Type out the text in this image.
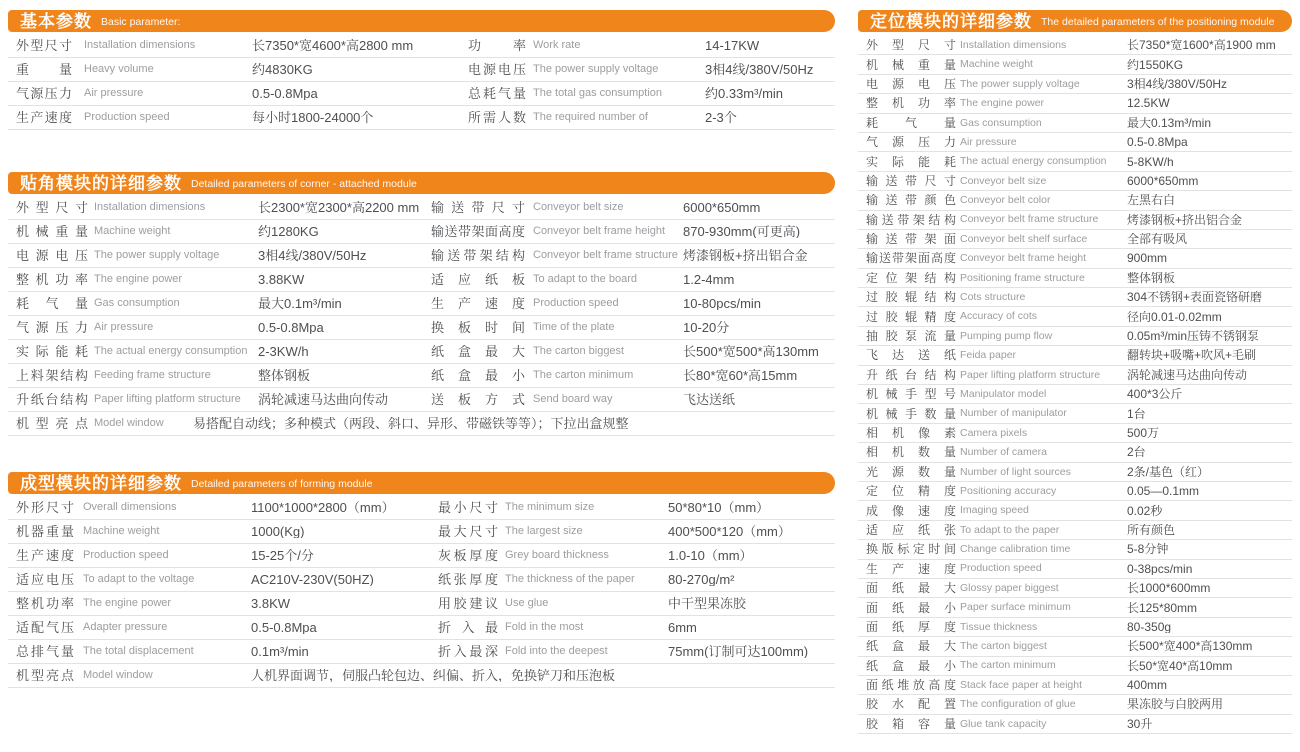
基本参数 Basic parameter:
外型尺寸 Installation dimensions	长7350*宽4600*高2800 mm
重量 Heavy volume	约4830KG
气源压力 Air pressure	0.5-0.8Mpa
生产速度 Production speed	每小时1800-24000个
功率 Work rate	14-17KW
电源电压 The power supply voltage	3相4线/380V/50Hz
总耗气量 The total gas consumption	约0.33m³/min
所需人数 The required number of	2-3个
贴角模块的详细参数 Detailed parameters of corner - attached module
外型尺寸 Installation dimensions	长2300*宽2300*高2200 mm
机械重量 Machine weight	约1280KG
电源电压 The power supply voltage	3相4线/380V/50Hz
整机功率 The engine power	3.88KW
耗气量 Gas consumption	最大0.1m³/min
气源压力 Air pressure	0.5-0.8Mpa
实际能耗 The actual energy consumption 2-3KW/h
上料架结构 Feeding frame structure	整体钢板
升纸台结构 Paper lifting platform structure	涡轮减速马达曲向传动
输送带尺寸 Conveyor belt size	6000*650mm
输送带架面高度 Conveyor belt frame height	870-930mm(可更高)
输送带架结构 Conveyor belt frame structure 烤漆钢板+挤出铝合金
适应纸板 To adapt to the board	1.2-4mm
生产速度 Production speed	10-80pcs/min
换板时间 Time of the plate	10-20分
纸盒最大 The carton biggest	长500*宽500*高130mm
纸盒最小 The carton minimum	长80*宽60*高15mm
送板方式 Send board way	飞达送纸
机型亮点 Model window	易搭配自动线；多种模式（两段、斜口、异形、带磁铁等等）；下拉出盒规整
成型模块的详细参数 Detailed parameters of forming module
外形尺寸 Overall dimensions	1100*1000*2800（mm）
机器重量 Machine weight	1000(Kg)
生产速度 Production speed	15-25个/分
适应电压 To adapt to the voltage	AC210V-230V(50HZ)
整机功率 The engine power	3.8KW
适配气压 Adapter pressure	0.5-0.8Mpa
总排气量 The total displacement	0.1m³/min
最小尺寸 The minimum size	50*80*10（mm）
最大尺寸 The largest size	400*500*120（mm）
灰板厚度 Grey board thickness	1.0-10（mm）
纸张厚度 The thickness of the paper	80-270g/m²
用胶建议 Use glue	中干型果冻胶
折入最 Fold in the most	6mm
折入最深 Fold into the deepest	75mm(订制可达100mm)
机型亮点 Model window	人机界面调节，伺服凸轮包边、纠偏、折入，免换铲刀和压泡板
定位模块的详细参数 The detailed parameters of the positioning module
外型尺寸 Installation dimensions	长7350*宽1600*高1900 mm
机械重量 Machine weight	约1550KG
电源电压 The power supply voltage	3相4线/380V/50Hz
整机功率 The engine power	12.5KW
耗气量 Gas consumption	最大0.13m³/min
气源压力 Air pressure	0.5-0.8Mpa
实际能耗 The actual energy consumption	5-8KW/h
输送带尺寸 Conveyor belt size	6000*650mm
输送带颜色 Conveyor belt color	左黑右白
输送带架结构 Conveyor belt frame structure	烤漆钢板+挤出铝合金
输送带架面 Conveyor belt shelf surface	全部有吸风
输送带架面高度 Conveyor belt frame height	900mm
定位架结构 Positioning frame structure	整体钢板
过胶辊结构 Cots structure	304不锈钢+表面瓷铬研磨
过胶辊精度 Accuracy of cots	径向0.01-0.02mm
抽胶泵流量 Pumping pump flow	0.05m³/min压铸不锈钢泵
飞达送纸 Feida paper	翻转块+吸嘴+吹风+毛刷
升纸台结构 Paper lifting platform structure	涡轮减速马达曲向传动
机械手型号 Manipulator model	400*3公斤
机械手数量 Number of manipulator	1台
相机像素 Camera pixels	500万
相机数量 Number of camera	2台
光源数量 Number of light sources	2条/基色（红）
定位精度 Positioning accuracy	0.05—0.1mm
成像速度 Imaging speed	0.02秒
适应纸张 To adapt to the paper	所有颜色
换版标定时间 Change calibration time	5-8分钟
生产速度 Production speed	0-38pcs/min
面纸最大 Glossy paper biggest	长1000*600mm
面纸最小 Paper surface minimum	长125*80mm
面纸厚度 Tissue thickness	80-350g
纸盒最大 The carton biggest	长500*宽400*高130mm
纸盒最小 The carton minimum	长50*宽40*高10mm
面纸堆放高度 Stack face paper at height	400mm
胶水配置 The configuration of glue	果冻胶与白胶两用
胶箱容量 Glue tank capacity	30升
